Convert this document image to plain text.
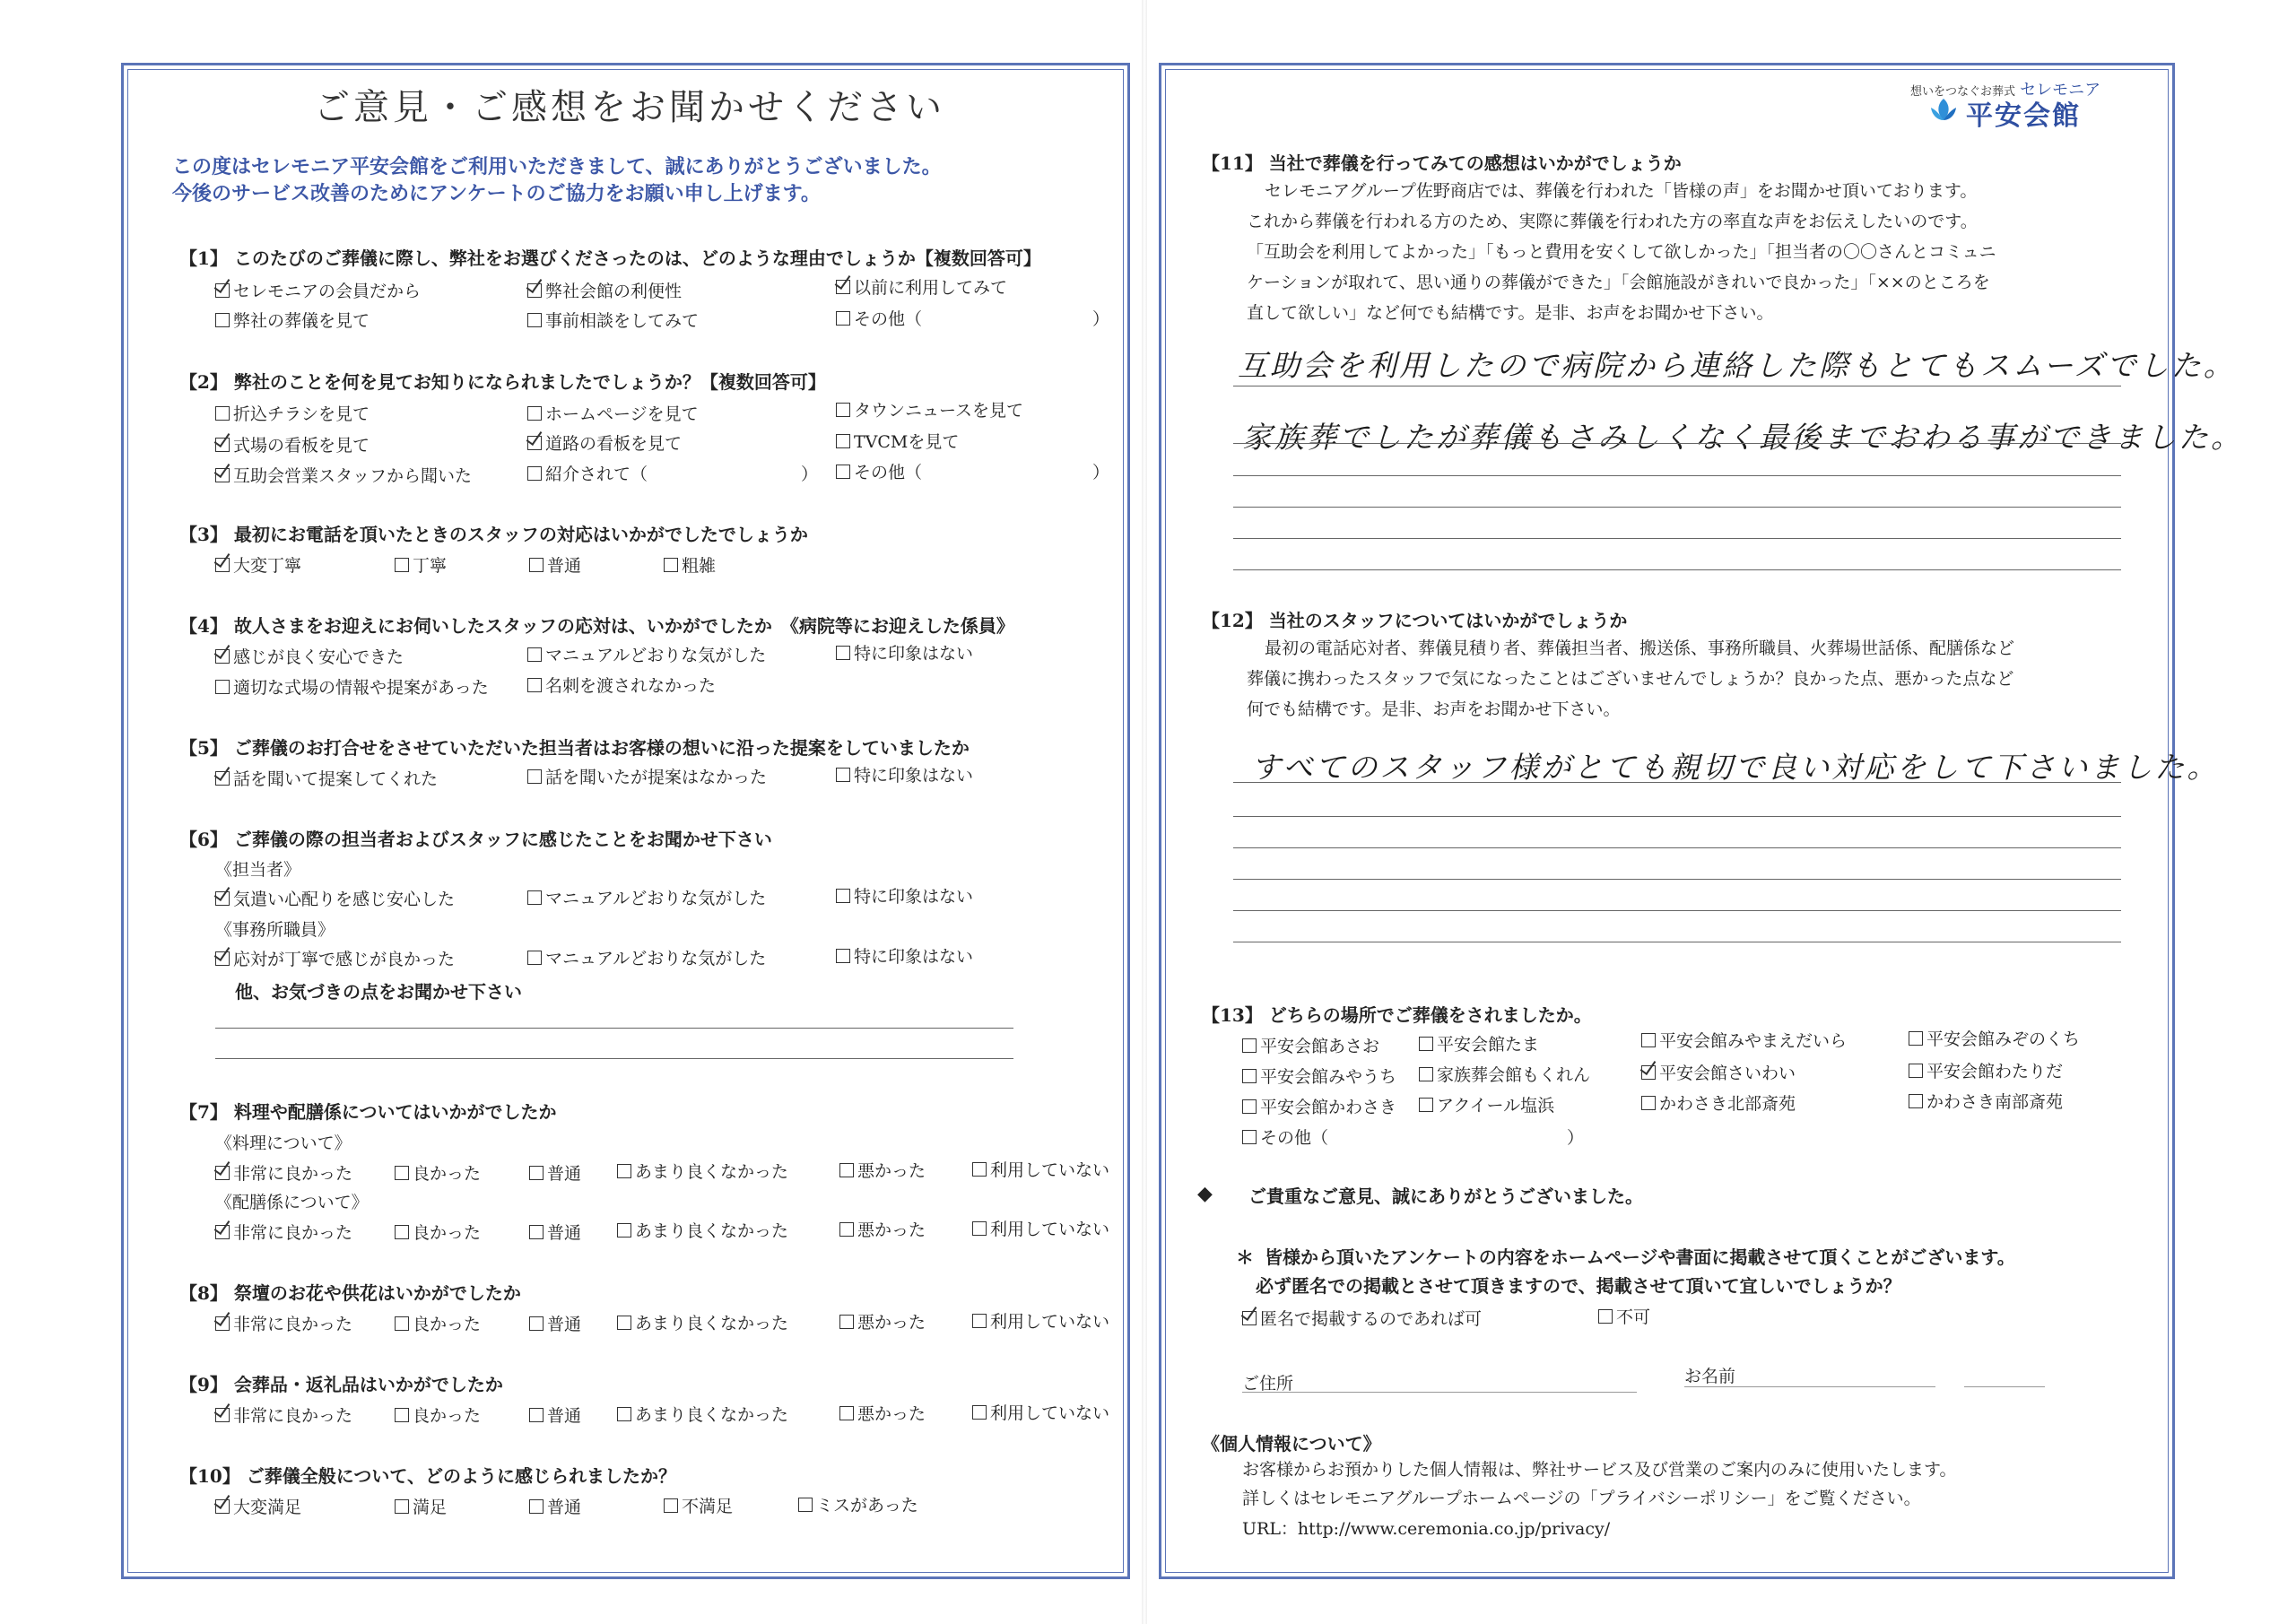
ご意見・ご感想をお聞かせください
この度はセレモニア平安会館をご利用いただきまして、誠にありがとうございました。
今後のサービス改善のためにアンケートのご協力をお願い申し上げます。
【1】 このたびのご葬儀に際し、弊社をお選びくださったのは、どのような理由でしょうか【複数回答可】
セレモニアの会員だから	弊社会館の利便性	以前に利用してみて
弊社の葬儀を見て	事前相談をしてみて	その他（　　　　　　　　　　）
【2】 弊社のことを何を見てお知りになられましたでしょうか？【複数回答可】
折込チラシを見て	ホームページを見て	タウンニュースを見て
式場の看板を見て	道路の看板を見て	TVCMを見て
互助会営業スタッフから聞いた	紹介されて（　　　　　　　　　）	その他（　　　　　　　　　　）
【3】 最初にお電話を頂いたときのスタッフの対応はいかがでしたでしょうか
大変丁寧	丁寧	普通	粗雑
【4】 故人さまをお迎えにお伺いしたスタッフの応対は、いかがでしたか　《病院等にお迎えした係員》
感じが良く安心できた	マニュアルどおりな気がした	特に印象はない
適切な式場の情報や提案があった	名刺を渡されなかった
【5】 ご葬儀のお打合せをさせていただいた担当者はお客様の想いに沿った提案をしていましたか
話を聞いて提案してくれた	話を聞いたが提案はなかった	特に印象はない
【6】 ご葬儀の際の担当者およびスタッフに感じたことをお聞かせ下さい
《担当者》
気遣い心配りを感じ安心した	マニュアルどおりな気がした	特に印象はない
《事務所職員》
応対が丁寧で感じが良かった	マニュアルどおりな気がした	特に印象はない
他、お気づきの点をお聞かせ下さい
【7】 料理や配膳係についてはいかがでしたか
《料理について》
非常に良かった	良かった	普通	あまり良くなかった	悪かった	利用していない
《配膳係について》
非常に良かった	良かった	普通	あまり良くなかった	悪かった	利用していない
【8】 祭壇のお花や供花はいかがでしたか
非常に良かった	良かった	普通	あまり良くなかった	悪かった	利用していない
【9】 会葬品・返礼品はいかがでしたか
非常に良かった	良かった	普通	あまり良くなかった	悪かった	利用していない
【10】 ご葬儀全般について、どのように感じられましたか？
大変満足	満足	普通	不満足	ミスがあった
想いをつなぐお葬式 セレモニア
平安会館
【11】 当社で葬儀を行ってみての感想はいかがでしょうか
セレモニアグループ佐野商店では、葬儀を行われた「皆様の声」をお聞かせ頂いております。
これから葬儀を行われる方のため、実際に葬儀を行われた方の率直な声をお伝えしたいのです。
「互助会を利用してよかった」「もっと費用を安くして欲しかった」「担当者の〇〇さんとコミュニ
ケーションが取れて、思い通りの葬儀ができた」「会館施設がきれいで良かった」「××のところを
直して欲しい」など何でも結構です。是非、お声をお聞かせ下さい。
互助会を利用したので病院から連絡した際もとてもスムーズでした。
家族葬でしたが葬儀もさみしくなく最後までおわる事ができました。
【12】 当社のスタッフについてはいかがでしょうか
最初の電話応対者、葬儀見積り者、葬儀担当者、搬送係、事務所職員、火葬場世話係、配膳係など
葬儀に携わったスタッフで気になったことはございませんでしょうか？良かった点、悪かった点など
何でも結構です。是非、お声をお聞かせ下さい。
すべてのスタッフ様がとても親切で良い対応をして下さいました。
【13】 どちらの場所でご葬儀をされましたか。
平安会館あさお	平安会館たま	平安会館みやまえだいら	平安会館みぞのくち
平安会館みやうち	家族葬会館もくれん	平安会館さいわい	平安会館わたりだ
平安会館かわさき	アクイール塩浜	かわさき北部斎苑	かわさき南部斎苑
その他（　　　　　　　　　　　　　　）
◆ ご貴重なご意見、誠にありがとうございました。
＊ 皆様から頂いたアンケートの内容をホームページや書面に掲載させて頂くことがございます。
必ず匿名での掲載とさせて頂きますので、掲載させて頂いて宜しいでしょうか？
匿名で掲載するのであれば可	不可
ご住所	お名前
《個人情報について》
お客様からお預かりした個人情報は、弊社サービス及び営業のご案内のみに使用いたします。
詳しくはセレモニアグループホームページの「プライバシーポリシー」をご覧ください。
URL：http://www.ceremonia.co.jp/privacy/
